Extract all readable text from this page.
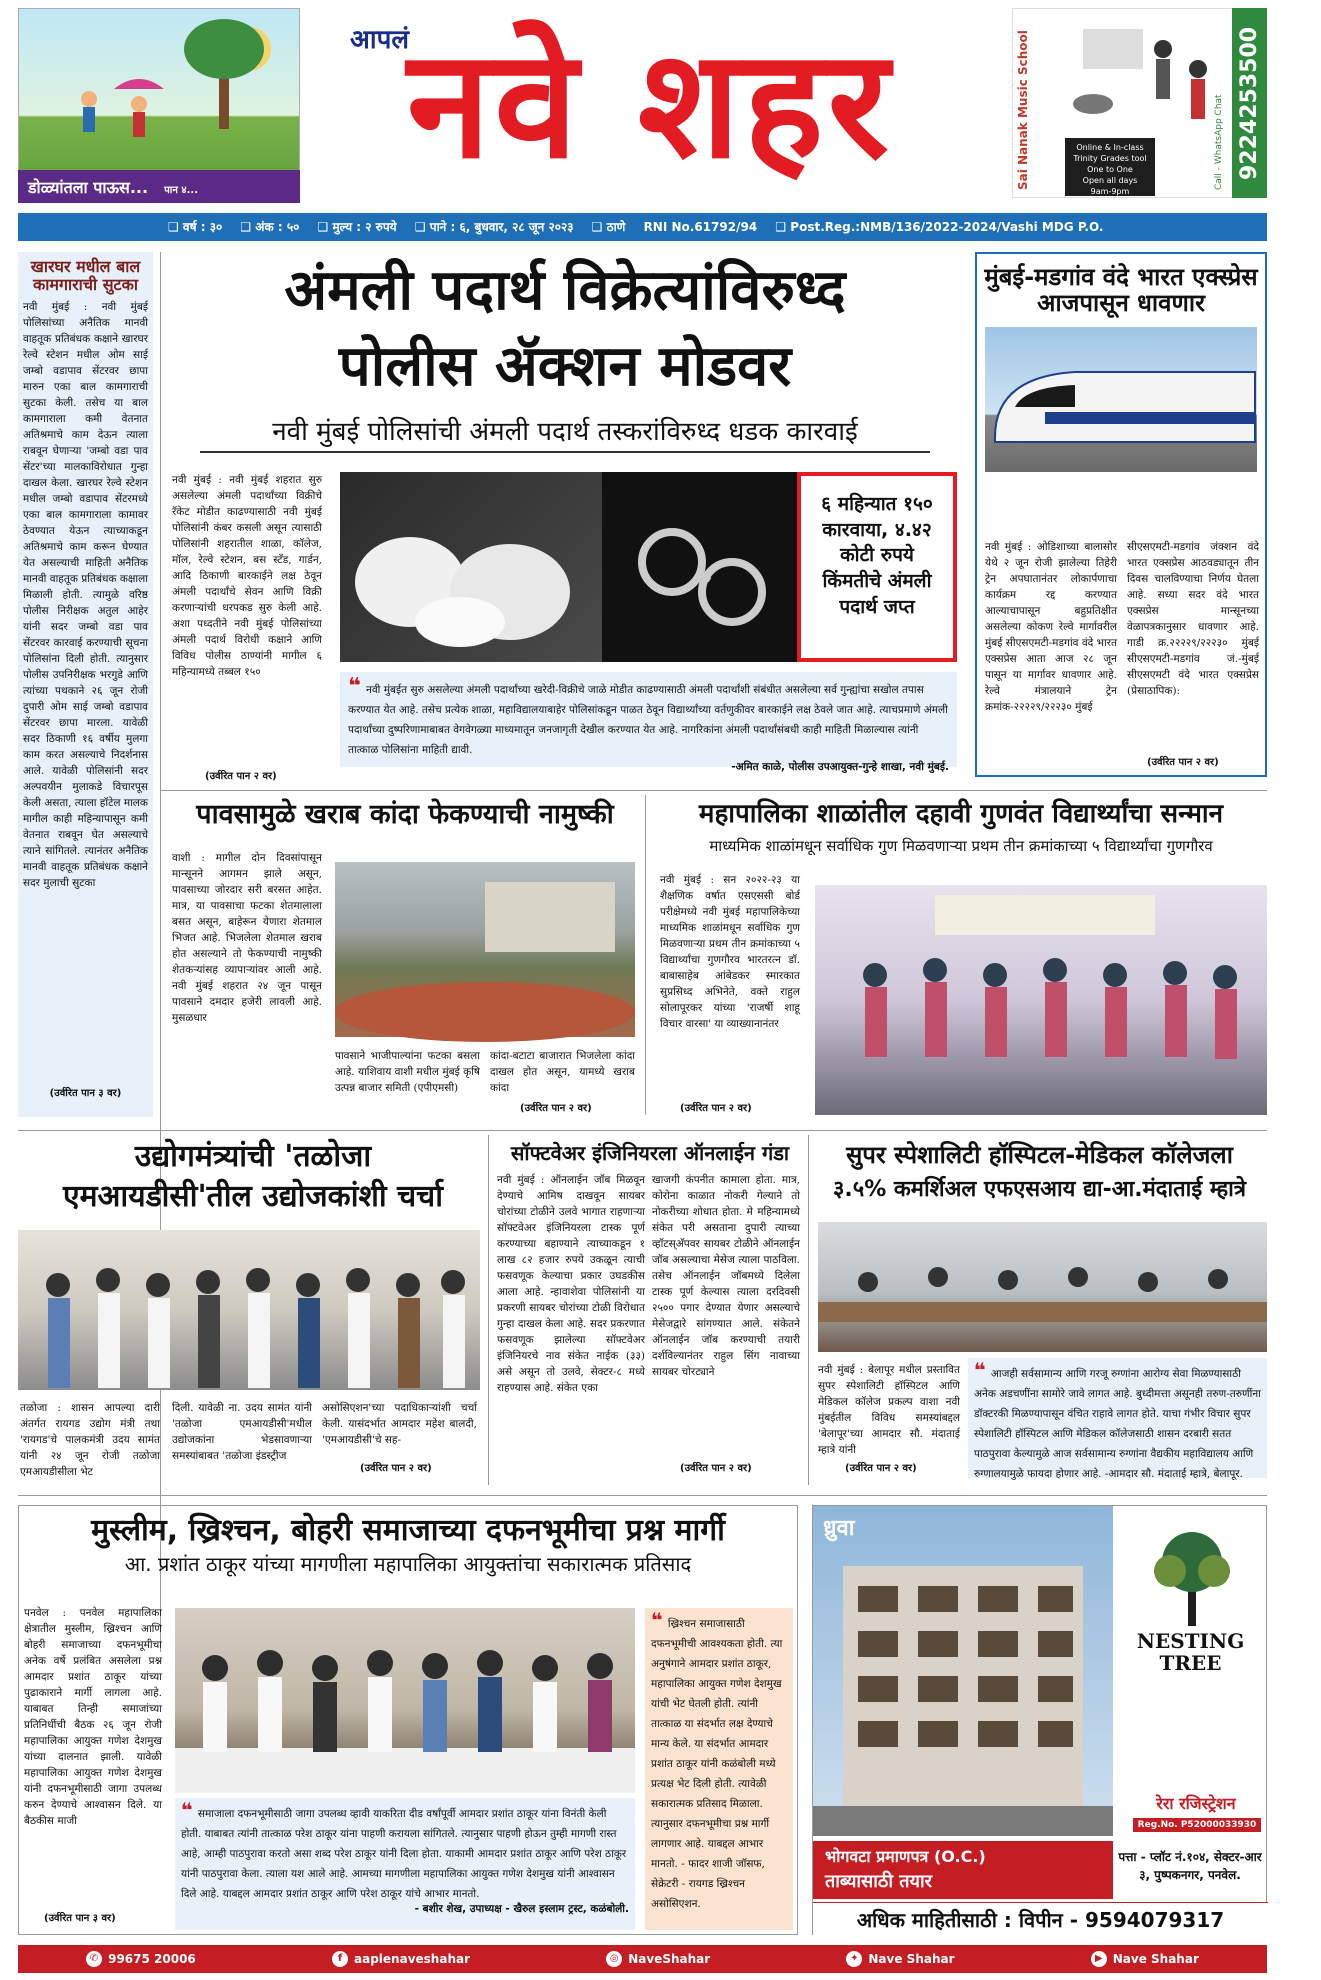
डोळ्यांतला पाऊस... पान ४...
आपलं
नवे शहर	Sai Nanak Music School	Call - WhatsApp Chat
Online & In-class
Trinity Grades tool
One to One
Open all days
9am-9pm
9224253500
❑ वर्ष : ३० ❑ अंक : ५० ❑ मुल्य : २ रुपये ❑ पाने : ६, बुधवार, २८ जून २०२३ ❑ ठाणे RNI No.61792/94 ❑ Post.Reg.:NMB/136/2022-2024/Vashi MDG P.O.
खारघर मधील बाल कामगाराची सुटका
नवी मुंबई : नवी मुंबई पोलिसांच्या अनैतिक मानवी वाहतूक प्रतिबंधक कक्षाने खारघर रेल्वे स्टेशन मधील ओम साई जम्बो वडापाव सेंटरवर छापा मारुन एका बाल कामगाराची सुटका केली. तसेच या बाल कामगाराला कमी वेतनात अतिश्रमाचे काम देऊन त्याला राबवून घेणाऱ्या 'जम्बो वडा पाव सेंटर'च्या मालकाविरोधात गुन्हा दाखल केला. खारघर रेल्वे स्टेशन मधील जम्बो वडापाव सेंटरमध्ये एका बाल कामगाराला कामावर ठेवण्यात येऊन त्याच्याकडून अतिश्रमाचे काम करून घेण्यात येत असल्याची माहिती अनैतिक मानवी वाहतूक प्रतिबंधक कक्षाला मिळाली होती. त्यामुळे वरिष्ठ पोलीस निरीक्षक अतुल आहेर यांनी सदर जम्बो वडा पाव सेंटरवर कारवाई करण्याची सूचना पोलिसांना दिली होती. त्यानुसार पोलीस उपनिरीक्षक भरगुडे आणि त्यांच्या पथकाने २६ जून रोजी दुपारी ओम साई जम्बो वडापाव सेंटरवर छापा मारला. यावेळी सदर ठिकाणी १६ वर्षीय मुलगा काम करत असल्याचे निदर्शनास आले. यावेळी पोलिसांनी सदर अल्पवयीन मुलाकडे विचारपूस केली असता, त्याला हॉटेल मालक मागील काही महिन्यापासून कमी वेतनात राबवून घेत असल्याचे त्याने सांगितले. त्यानंतर अनैतिक मानवी वाहतूक प्रतिबंधक कक्षाने सदर मुलाची सुटका
(उर्वरित पान ३ वर)
अंमली पदार्थ विक्रेत्यांविरुध्द
पोलीस ॲक्शन मोडवर
नवी मुंबई पोलिसांची अंमली पदार्थ तस्करांविरुध्द धडक कारवाई
नवी मुंबई : नवी मुंबई शहरात सुरु असलेल्या अंमली पदार्थांच्या विक्रीचे रॅकेट मोडीत काढण्यासाठी नवी मुंबई पोलिसांनी कंबर कसली असून त्यासाठी पोलिसांनी शहरातील शाळा, कॉलेज, मॉल, रेल्वे स्टेशन, बस स्टँड, गार्डन, आदि ठिकाणी बारकाईने लक्ष ठेवून अंमली पदार्थांचे सेवन आणि विक्री करणाऱ्यांची धरपकड सुरु केली आहे. अशा पध्दतीने नवी मुंबई पोलिसांच्या अंमली पदार्थ विरोधी कक्षाने आणि विविध पोलीस ठाण्यांनी मागील ६ महिन्यामध्ये तब्बल १५०
(उर्वरित पान २ वर)
६ महिन्यात १५० कारवाया, ४.४२ कोटी रुपये किंमतीचे अंमली पदार्थ जप्त
❝ नवी मुंबईत सुरु असलेल्या अंमली पदार्थांच्या खरेदी-विक्रीचे जाळे मोडीत काढण्यासाठी अंमली पदार्थांशी संबंधीत असलेल्या सर्व गुन्ह्यांचा सखोल तपास करण्यात येत आहे. तसेच प्रत्येक शाळा, महाविद्यालयाबाहेर पोलिसांकडून पाळत ठेवून विद्यार्थ्यांच्या वर्तणुकीवर बारकाईने लक्ष ठेवले जात आहे. त्याचप्रमाणे अंमली पदार्थांच्या दुष्परिणामाबाबत वेगवेगळ्या माध्यमातून जनजागृती देखील करण्यात येत आहे. नागरिकांना अंमली पदार्थांसंबधी काही माहिती मिळाल्यास त्यांनी तात्काळ पोलिसांना माहिती द्यावी.
-अमित काळे, पोलीस उपआयुक्त-गुन्हे शाखा, नवी मुंबई.
मुंबई-मडगांव वंदे भारत एक्स्प्रेस आजपासून धावणार
नवी मुंबई : ओडिशाच्या बालासोर येथे २ जून रोजी झालेल्या तिहेरी ट्रेन अपघातानंतर लोकार्पणाचा कार्यक्रम रद्द करण्यात आल्याचापासून बहुप्रतिक्षीत असलेल्या कोकण रेल्वे मार्गावरील मुंबई सीएसएमटी-मडगांव वंदे भारत एक्सप्रेस आता आज २८ जून पासून या मार्गावर धावणार आहे. रेल्वे मंत्रालयाने ट्रेन क्रमांक-२२२२९/२२२३० मुंबई
सीएसएमटी-मडगांव जंक्शन वंदे भारत एक्सप्रेस आठवड्यातून तीन दिवस चालविण्याचा निर्णय घेतला आहे. सध्या सदर वंदे भारत एक्सप्रेस मान्सूनच्या वेळापत्रकानुसार धावणार आहे. गाडी क्र.२२२२९/२२२३० मुंबई सीएसएमटी-मडगांव जं.-मुंबई सीएसएमटी वंदे भारत एक्सप्रेस (प्रेसाठापिक):
(उर्वरित पान २ वर)
पावसामुळे खराब कांदा फेकण्याची नामुष्की
वाशी : मागील दोन दिवसांपासून मान्सूनने आगमन झाले असून, पावसाच्या जोरदार सरी बरसत आहेत. मात्र, या पावसाचा फटका शेतमालाला बसत असून, बाहेरून येणारा शेतमाल भिजत आहे. भिजलेला शेतमाल खराब होत असल्याने तो फेकण्याची नामुष्की शेतकऱ्यांसह व्यापाऱ्यांवर आली आहे. नवी मुंबई शहरात २४ जून पासून पावसाने दमदार हजेरी लावली आहे. मुसळधार
पावसाने भाजीपाल्यांना फटका बसला आहे. याशिवाय वाशी मधील मुंबई कृषि उत्पन्न बाजार समिती (एपीएमसी)
कांदा-बटाटा बाजारात भिजलेला कांदा दाखल होत असून, यामध्ये खराब कांदा
(उर्वरित पान २ वर)
महापालिका शाळांतील दहावी गुणवंत विद्यार्थ्यांचा सन्मान
माध्यमिक शाळांमधून सर्वाधिक गुण मिळवणाऱ्या प्रथम तीन क्रमांकाच्या ५ विद्यार्थ्यांचा गुणगौरव
नवी मुंबई : सन २०२२-२३ या शैक्षणिक वर्षात एसएससी बोर्ड परीक्षेमध्ये नवी मुंबई महापालिकेच्या माध्यमिक शाळांमधून सर्वाधिक गुण मिळवणाऱ्या प्रथम तीन क्रमांकाच्या ५ विद्यार्थ्यांचा गुणगौरव भारतरत्न डॉ. बाबासाहेब आंबेडकर स्मारकात सुप्रसिध्द अभिनेते, वक्ते राहुल सोलापूरकर यांच्या 'राजर्षी शाहू विचार वारसा' या व्याख्यानानंतर
(उर्वरित पान २ वर)
उद्योगमंत्र्यांची 'तळोजा
एमआयडीसी'तील उद्योजकांशी चर्चा
तळोजा : शासन आपल्या दारी अंतर्गत रायगड उद्योग मंत्री तथा 'रायगड'चे पालकमंत्री उदय सामंत यांनी २४ जून रोजी तळोजा एमआयडीसीला भेट
दिली. यावेळी ना. उदय सामंत यांनी 'तळोजा एमआयडीसी'मधील उद्योजकांना भेडसावणाऱ्या समस्यांबाबत 'तळोजा इंडस्ट्रीज
असोसिएशन'च्या पदाधिकाऱ्यांशी चर्चा केली. यासंदर्भात आमदार महेश बालदी, 'एमआयडीसी'चे सह-
(उर्वरित पान २ वर)
सॉफ्टवेअर इंजिनियरला ऑनलाईन गंडा
नवी मुंबई : ऑनलाईन जॉब मिळवून देण्याचे आमिष दाखवून सायबर चोरांच्या टोळीने उलवे भागात राहणाऱ्या सॉफ्टवेअर इंजिनियरला टास्क पूर्ण करण्याच्या बहाण्याने त्याच्याकडून १ लाख ८२ हजार रुपये उकळून त्याची फसवणूक केल्याचा प्रकार उघडकीस आला आहे. न्हावाशेवा पोलिसांनी या प्रकरणी सायबर चोरांच्या टोळी विरोधात गुन्हा दाखल केला आहे. सदर प्रकरणात फसवणूक झालेल्या सॉफ्टवेअर इंजिनियरचे नाव संकेत नाईक (३३) असे असून तो उलवे, सेक्टर-८ मध्ये राहण्यास आहे. संकेत एका
खाजगी कंपनीत कामाला होता. मात्र, कोरोना काळात नोकरी गेल्याने तो नोकरीच्या शोधात होता. मे महिन्यामध्ये संकेत परी असताना दुपारी त्याच्या व्हॉटस्‌अ‍ॅपवर सायबर टोळीने ऑनलाईन जॉब असल्याचा मेसेज त्याला पाठविला. तसेच ऑनलाईन जॉबमध्ये दिलेला टास्क पूर्ण केल्यास त्याला दरदिवसी २५०० पगार देण्यात येणार असल्याचे मेसेजद्वारे सांगण्यात आले. संकेतने ऑनलाईन जॉब करण्याची तयारी दर्शविल्यानंतर राहुल सिंग नावाच्या सायबर चोरट्याने
(उर्वरित पान २ वर)
सुपर स्पेशालिटी हॉस्पिटल-मेडिकल कॉलेजला
३.५% कमर्शिअल एफएसआय द्या-आ.मंदाताई म्हात्रे
नवी मुंबई : बेलापूर मधील प्रस्तावित सुपर स्पेशालिटी हॉस्पिटल आणि मेडिकल कॉलेज प्रकल्प वाशा नवी मुंबईतील विविध समस्यांबद्दल 'बेलापूर'च्या आमदार सौ. मंदाताई म्हात्रे यांनी
(उर्वरित पान २ वर)
❝ आजही सर्वसामान्य आणि गरजू रुग्णांना आरोग्य सेवा मिळण्यासाठी अनेक अडचणींना सामोरे जावे लागत आहे. बुध्दीमत्ता असूनही तरुण-तरुणींना डॉक्टरकी मिळण्यापासून वंचित राहावे लागत होते. याचा गंभीर विचार सुपर स्पेशालिटी हॉस्पिटल आणि मेडिकल कॉलेजसाठी शासन दरबारी सतत पाठपुरावा केल्यामुळे आज सर्वसामान्य रुग्णांना वैद्यकीय महाविद्यालय आणि रुग्णालयामुळे फायदा होणार आहे. -आमदार सौ. मंदाताई म्हात्रे, बेलापूर.
मुस्लीम, ख्रिश्चन, बोहरी समाजाच्या दफनभूमीचा प्रश्न मार्गी
आ. प्रशांत ठाकूर यांच्या मागणीला महापालिका आयुक्तांचा सकारात्मक प्रतिसाद
पनवेल : पनवेल महापालिका क्षेत्रातील मुस्लीम, ख्रिश्चन आणि बोहरी समाजाच्या दफनभूमीचा अनेक वर्षे प्रलंबित असलेला प्रश्न आमदार प्रशांत ठाकूर यांच्या पुढाकाराने मार्गी लागला आहे. याबाबत तिन्ही समाजांच्या प्रतिनिधींची बैठक २६ जून रोजी महापालिका आयुक्त गणेश देशमुख यांच्या दालनात झाली. यावेळी महापालिका आयुक्त गणेश देशमुख यांनी दफनभूमीसाठी जागा उपलब्ध करुन देण्याचे आश्वासन दिले. या बैठकीस माजी
(उर्वरित पान ३ वर)
❝ समाजाला दफनभूमीसाठी जागा उपलब्ध व्हावी याकरिता दीड वर्षांपूर्वी आमदार प्रशांत ठाकूर यांना विनंती केली होती. याबाबत त्यांनी तात्काळ परेश ठाकूर यांना पाहणी करायला सांगितले. त्यानुसार पाहणी होऊन तुम्ही मागणी रास्त आहे, आम्ही पाठपुरावा करतो असा शब्द परेश ठाकूर यांनी दिला होता. याकामी आमदार प्रशांत ठाकूर आणि परेश ठाकूर यांनी पाठपुरावा केला. त्याला यश आले आहे. आमच्या मागणीला महापालिका आयुक्त गणेश देशमुख यांनी आश्वासन दिले आहे. याबद्दल आमदार प्रशांत ठाकूर आणि परेश ठाकूर यांचे आभार मानतो.
- बशीर शेख, उपाध्यक्ष - खैरुल इस्लाम ट्रस्ट, कळंबोली.
❝ ख्रिश्चन समाजासाठी दफनभूमीची आवश्यकता होती. त्या अनुषंगाने आमदार प्रशांत ठाकूर, महापालिका आयुक्त गणेश देशमुख यांची भेट घेतली होती. त्यांनी तात्काळ या संदर्भात लक्ष देण्याचे मान्य केले. या संदर्भात आमदार प्रशांत ठाकूर यांनी कळंबोली मध्ये प्रत्यक्ष भेट दिली होती. त्यावेळी सकारात्मक प्रतिसाद मिळाला. त्यानुसार दफनभूमीचा प्रश्न मार्गी लागणार आहे. याबद्दल आभार मानतो. - फादर शाजी जॉसफ, सेक्रेटरी - रायगड ख्रिश्चन असोसिएशन.
ध्रुवा
NESTING TREE
रेरा रजिस्ट्रेशन
Reg.No. P52000033930
भोगवटा प्रमाणपत्र (O.C.)
ताब्यासाठी तयार
पत्ता - प्लॉट नं.१०४, सेक्टर-आर ३, पुष्पकनगर, पनवेल.
अधिक माहितीसाठी : विपीन - 9594079317
✆ 99675 20006	f aaplenaveshahar	◎ NaveShahar	✦ Nave Shahar	▶ Nave Shahar
